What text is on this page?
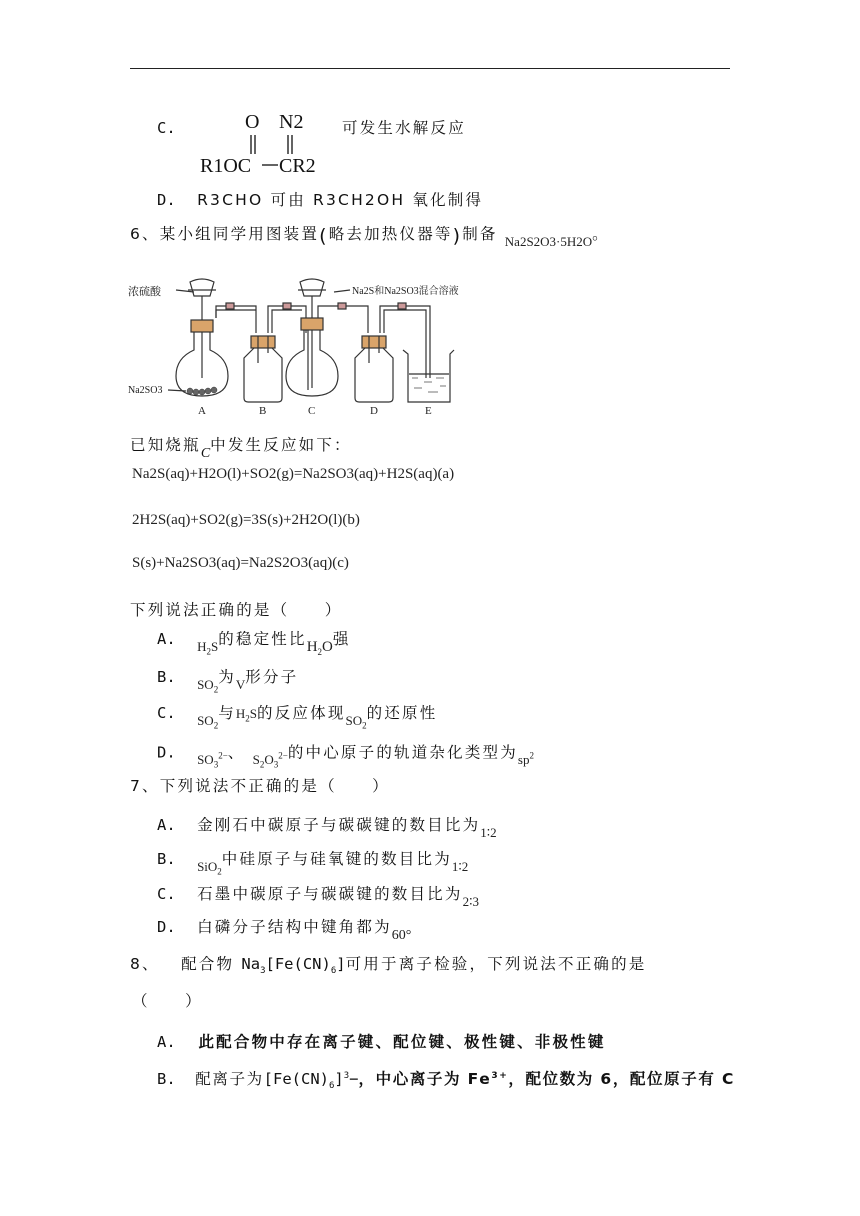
C.	O N2
R1OC CR2
可发生水解反应
D. R3CHO 可由 R3CH2OH 氧化制得
6、某小组同学用图装置(略去加热仪器等)制备 $_{Na2S2O3\cdot 5H2O}$。
浓硫酸	Na2S和Na2SO3混合溶液
Na2SO3
A	B	C	D	E
已知烧瓶C中发生反应如下：
Na2S(aq)+H2O(l)+SO2(g)=Na2SO3(aq)+H2S(aq)(a)
2H2S(aq)+SO2(g)=3S(s)+2H2O(l)(b)
S(s)+Na2SO3(aq)=Na2S2O3(aq)(c)
下列说法正确的是（　　）
A. $_{H_2S}$的稳定性比$H_2O$强
B. $_{SO_2}$为$_V$形分子
C. $_{SO_2}$与$H_2S$的反应体现$_{SO_2}$的还原性
D. $_{SO_3^{2-}}$、 $_{S_2O_3^{2-}}$的中心原子的轨道杂化类型为$_{sp^2}$
7、下列说法不正确的是（　　）
A. 金刚石中碳原子与碳碳键的数目比为$_{1∶2}$
B. $_{SiO_2}$中硅原子与硅氧键的数目比为$_{1∶2}$
C. 石墨中碳原子与碳碳键的数目比为$_{2∶3}$
D. 白磷分子结构中键角都为60°
8、 配合物 $Na_3[Fe(CN)_6]$可用于离子检验，下列说法不正确的是
（　　）
A. 此配合物中存在离子键、配位键、极性键、非极性键
B. 配离子为$[Fe(CN)_6]^3-$，中心离子为 $Fe^{3+}$，配位数为 6，配位原子有 C
